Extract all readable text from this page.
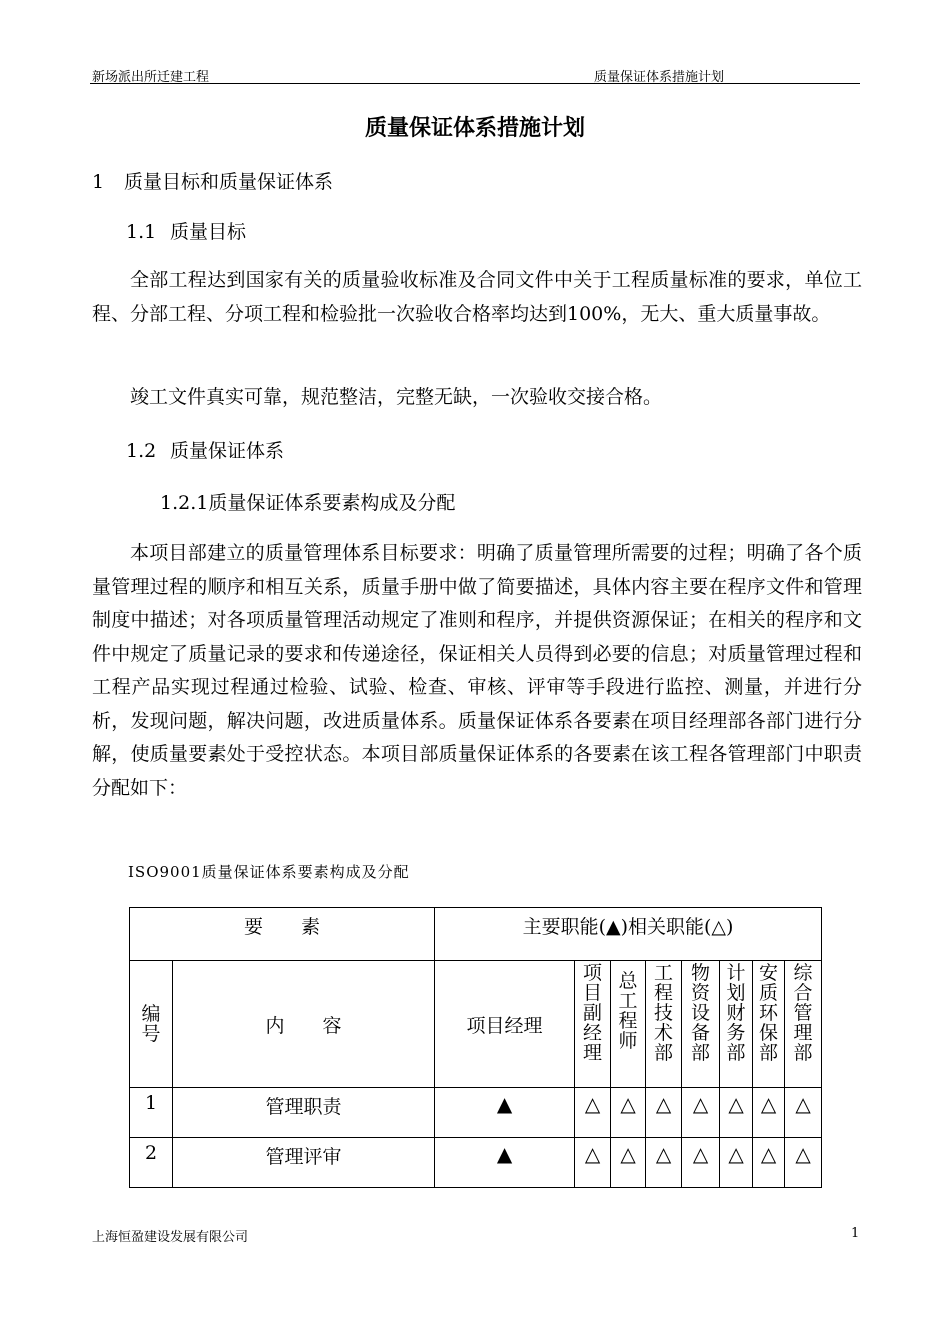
新场派出所迁建工程	质量保证体系措施计划
质量保证体系措施计划
1 质量目标和质量保证体系
1.1 质量目标
全部工程达到国家有关的质量验收标准及合同文件中关于工程质量标准的要求，单位工程、分部工程、分项工程和检验批一次验收合格率均达到100%，无大、重大质量事故。
竣工文件真实可靠，规范整洁，完整无缺，一次验收交接合格。
1.2 质量保证体系
1.2.1质量保证体系要素构成及分配
本项目部建立的质量管理体系目标要求：明确了质量管理所需要的过程；明确了各个质量管理过程的顺序和相互关系，质量手册中做了简要描述，具体内容主要在程序文件和管理制度中描述；对各项质量管理活动规定了准则和程序，并提供资源保证；在相关的程序和文件中规定了质量记录的要求和传递途径，保证相关人员得到必要的信息；对质量管理过程和工程产品实现过程通过检验、试验、检查、审核、评审等手段进行监控、测量，并进行分析，发现问题，解决问题，改进质量体系。质量保证体系各要素在项目经理部各部门进行分解，使质量要素处于受控状态。本项目部质量保证体系的各要素在该工程各管理部门中职责分配如下：
ISO9001质量保证体系要素构成及分配
要　　素		主要职能(▲)相关职能(△)							

编号	内　　容	项目经理	项目副经理	总工程师	工程技术部	物资设备部	计划财务部	安质环保部	综合管理部

1	管理职责	▲	△	△	△	△	△	△	△
2	管理评审	▲	△	△	△	△	△	△	△
上海恒盈建设发展有限公司	1
